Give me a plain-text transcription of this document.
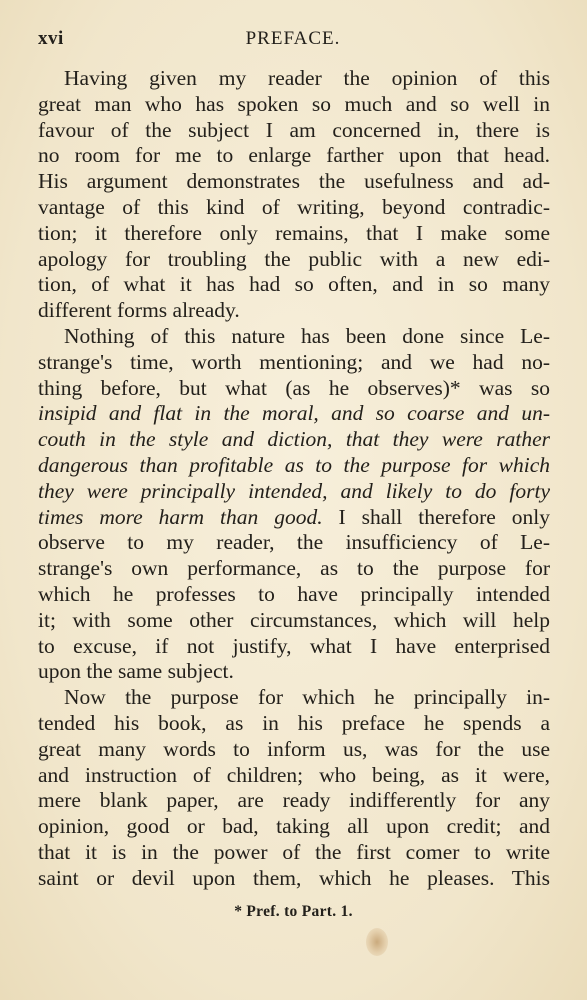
xvi	PREFACE.
Having given my reader the opinion of this
great man who has spoken so much and so well in
favour of the subject I am concerned in, there is
no room for me to enlarge farther upon that head.
His argument demonstrates the usefulness and ad-
vantage of this kind of writing, beyond contradic-
tion; it therefore only remains, that I make some
apology for troubling the public with a new edi-
tion, of what it has had so often, and in so many
different forms already.
Nothing of this nature has been done since Le-
strange's time, worth mentioning; and we had no-
thing before, but what (as he observes)* was so
insipid and flat in the moral, and so coarse and un-
couth in the style and diction, that they were rather
dangerous than profitable as to the purpose for which
they were principally intended, and likely to do forty
times more harm than good. I shall therefore only
observe to my reader, the insufficiency of Le-
strange's own performance, as to the purpose for
which he professes to have principally intended
it; with some other circumstances, which will help
to excuse, if not justify, what I have enterprised
upon the same subject.
Now the purpose for which he principally in-
tended his book, as in his preface he spends a
great many words to inform us, was for the use
and instruction of children; who being, as it were,
mere blank paper, are ready indifferently for any
opinion, good or bad, taking all upon credit; and
that it is in the power of the first comer to write
saint or devil upon them, which he pleases. This
* Pref. to Part. 1.
